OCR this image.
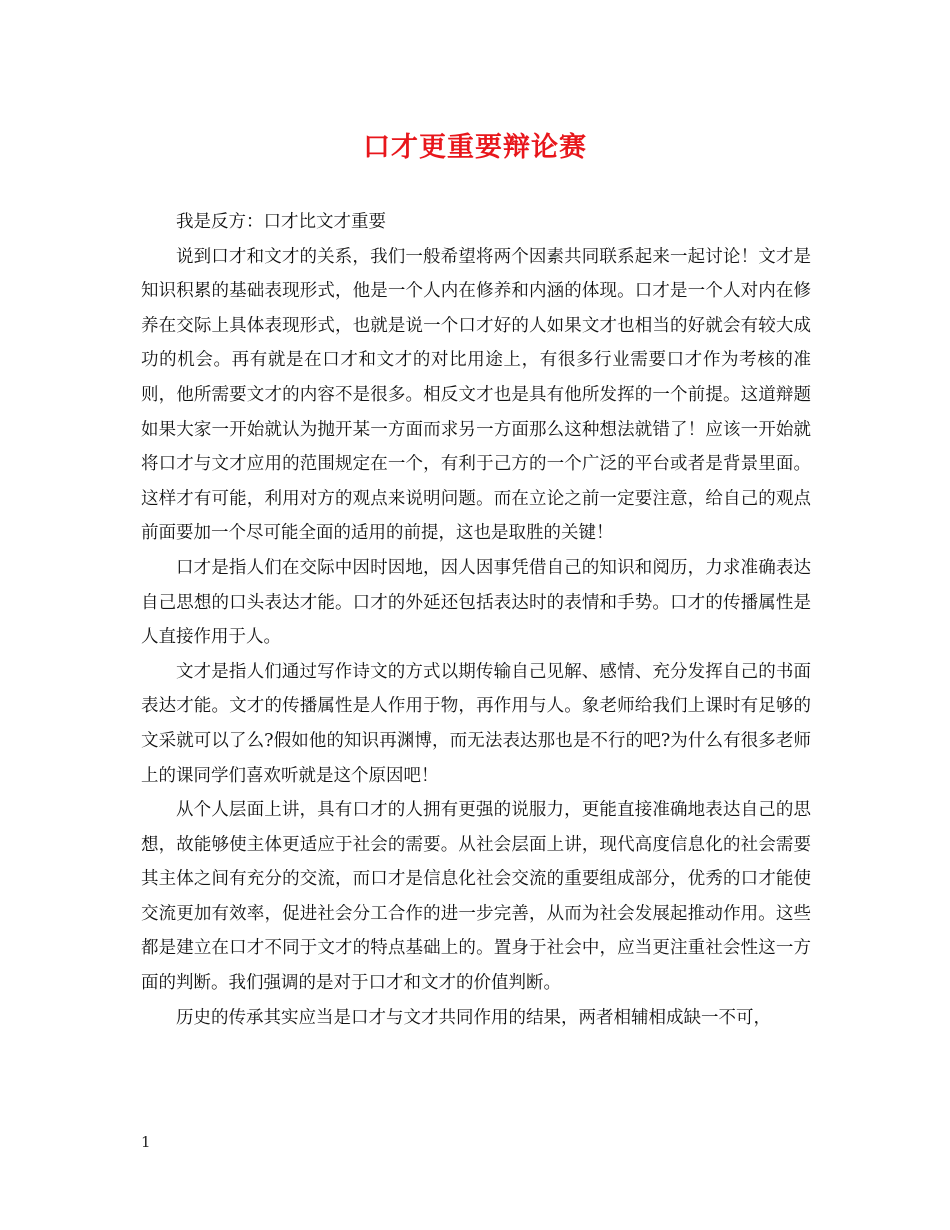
口才更重要辩论赛

我是反方：口才比文才重要

说到口才和文才的关系，我们一般希望将两个因素共同联系起来一起讨论！文才是知识积累的基础表现形式，他是一个人内在修养和内涵的体现。口才是一个人对内在修养在交际上具体表现形式，也就是说一个口才好的人如果文才也相当的好就会有较大成功的机会。再有就是在口才和文才的对比用途上，有很多行业需要口才作为考核的准则，他所需要文才的内容不是很多。相反文才也是具有他所发挥的一个前提。这道辩题如果大家一开始就认为抛开某一方面而求另一方面那么这种想法就错了！应该一开始就将口才与文才应用的范围规定在一个，有利于己方的一个广泛的平台或者是背景里面。这样才有可能，利用对方的观点来说明问题。而在立论之前一定要注意，给自己的观点前面要加一个尽可能全面的适用的前提，这也是取胜的关键！

口才是指人们在交际中因时因地，因人因事凭借自己的知识和阅历，力求准确表达自己思想的口头表达才能。口才的外延还包括表达时的表情和手势。口才的传播属性是人直接作用于人。

文才是指人们通过写作诗文的方式以期传输自己见解、感情、充分发挥自己的书面表达才能。文才的传播属性是人作用于物，再作用与人。象老师给我们上课时有足够的文采就可以了么?假如他的知识再渊博，而无法表达那也是不行的吧?为什么有很多老师上的课同学们喜欢听就是这个原因吧！

从个人层面上讲，具有口才的人拥有更强的说服力，更能直接准确地表达自己的思想，故能够使主体更适应于社会的需要。从社会层面上讲，现代高度信息化的社会需要其主体之间有充分的交流，而口才是信息化社会交流的重要组成部分，优秀的口才能使交流更加有效率，促进社会分工合作的进一步完善，从而为社会发展起推动作用。这些都是建立在口才不同于文才的特点基础上的。置身于社会中，应当更注重社会性这一方面的判断。我们强调的是对于口才和文才的价值判断。

历史的传承其实应当是口才与文才共同作用的结果，两者相辅相成缺一不可，

1
